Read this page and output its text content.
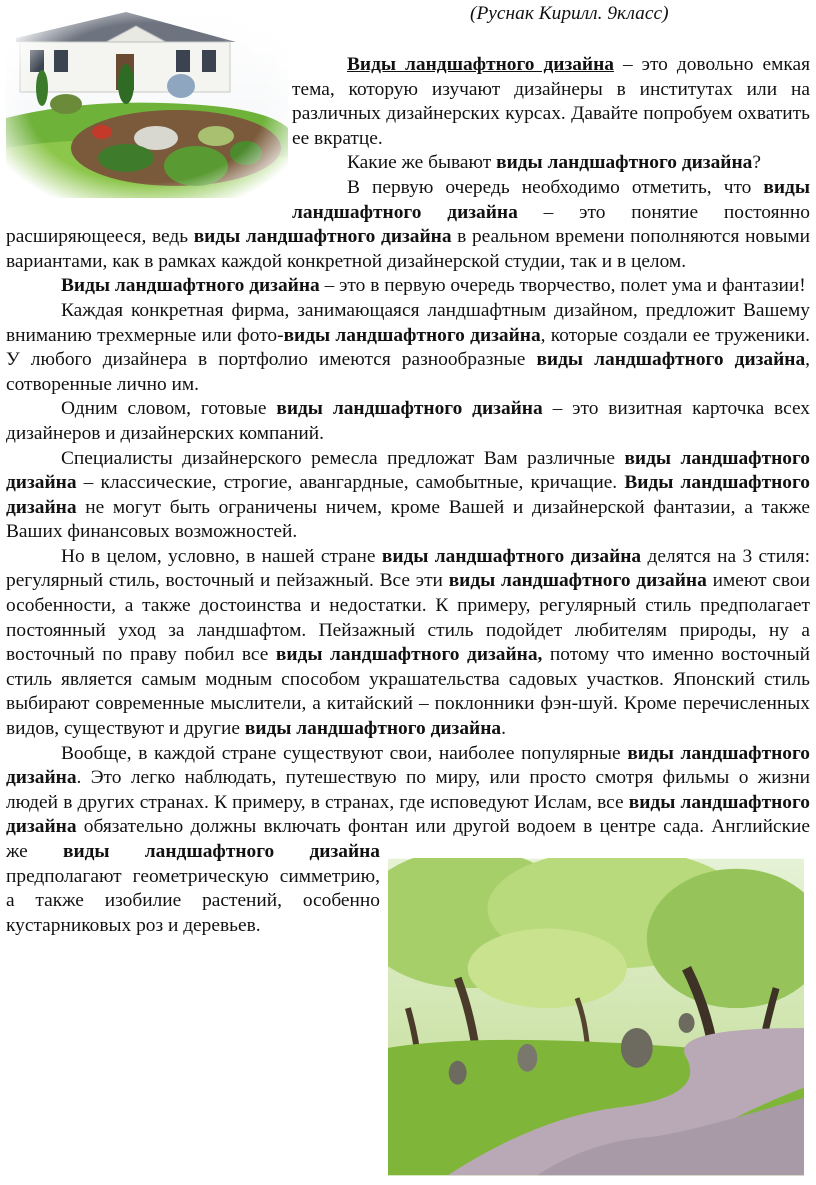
(Руснак Кирилл. 9класс)

Виды ландшафтного дизайна – это довольно емкая тема, которую изучают дизайнеры в институтах или на различных дизайнерских курсах. Давайте попробуем охватить ее вкратце.

Какие же бывают виды ландшафтного дизайна?

В первую очередь необходимо отметить, что виды ландшафтного дизайна – это понятие постоянно расширяющееся, ведь виды ландшафтного дизайна в реальном времени пополняются новыми вариантами, как в рамках каждой конкретной дизайнерской студии, так и в целом.

Виды ландшафтного дизайна – это в первую очередь творчество, полет ума и фантазии!

Каждая конкретная фирма, занимающаяся ландшафтным дизайном, предложит Вашему вниманию трехмерные или фото-виды ландшафтного дизайна, которые создали ее труженики. У любого дизайнера в портфолио имеются разнообразные виды ландшафтного дизайна, сотворенные лично им.

Одним словом, готовые виды ландшафтного дизайна – это визитная карточка всех дизайнеров и дизайнерских компаний.

Специалисты дизайнерского ремесла предложат Вам различные виды ландшафтного дизайна – классические, строгие, авангардные, самобытные, кричащие. Виды ландшафтного дизайна не могут быть ограничены ничем, кроме Вашей и дизайнерской фантазии, а также Ваших финансовых возможностей.

Но в целом, условно, в нашей стране виды ландшафтного дизайна делятся на 3 стиля: регулярный стиль, восточный и пейзажный. Все эти виды ландшафтного дизайна имеют свои особенности, а также достоинства и недостатки. К примеру, регулярный стиль предполагает постоянный уход за ландшафтом. Пейзажный стиль подойдет любителям природы, ну а восточный по праву побил все виды ландшафтного дизайна, потому что именно восточный стиль является самым модным способом украшательства садовых участков. Японский стиль выбирают современные мыслители, а китайский – поклонники фэн-шуй. Кроме перечисленных видов, существуют и другие виды ландшафтного дизайна.

Вообще, в каждой стране существуют свои, наиболее популярные виды ландшафтного дизайна. Это легко наблюдать, путешествую по миру, или просто смотря фильмы о жизни людей в других странах. К примеру, в странах, где исповедуют Ислам, все виды ландшафтного дизайна обязательно должны включать фонтан или другой водоем в центре сада. Английские же виды ландшафтного дизайна предполагают геометрическую симметрию, а также изобилие растений, особенно кустарниковых роз и деревьев.
